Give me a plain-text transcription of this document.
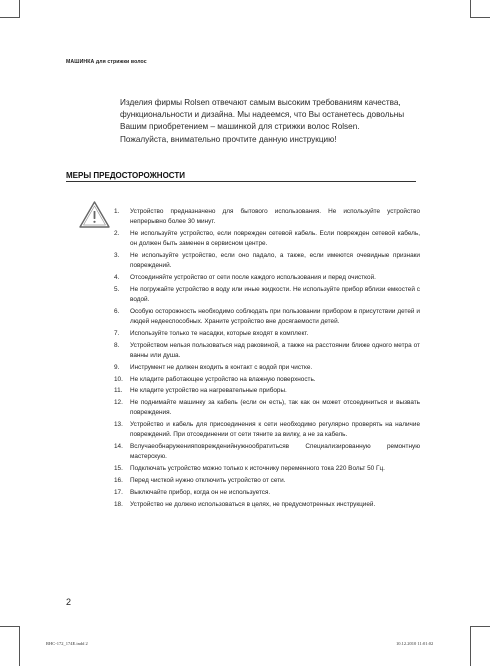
МАШИНКА для стрижки волос

Изделия фирмы Rolsen отвечают самым высоким требованиям качества, функциональности и дизайна. Мы надеемся, что Вы останетесь довольны Вашим приобретением – машинкой для стрижки волос Rolsen.

Пожалуйста, внимательно прочтите данную инструкцию!

МЕРЫ ПРЕДОСТОРОЖНОСТИ
1.	Устройство предназначено для бытового использования. Не используйте устройство непрерывно более 30 минут.
2.	Не используйте устройство, если поврежден сетевой кабель. Если поврежден сетевой кабель, он должен быть заменен в сервисном центре.
3.	Не используйте устройство, если оно падало, а также, если имеются очевидные признаки повреждений.
4.	Отсоединяйте устройство от сети после каждого использования и перед очисткой.
5.	Не погружайте устройство в воду или иные жидкости. Не используйте прибор вблизи емкостей с водой.
6.	Особую осторожность необходимо соблюдать при пользовании прибором в присутствии детей и людей недееспособных. Храните устройство вне досягаемости детей.
7.	Используйте только те насадки, которые входят в комплект.
8.	Устройством нельзя пользоваться над раковиной, а также на расстоянии ближе одного метра от ванны или душа.
9.	Инструмент не должен входить в контакт с водой при чистке.
10.	Не кладите работающее устройство на влажную поверхность.
11.	Не кладите устройство на нагревательные приборы.
12.	Не поднимайте машинку за кабель (если он есть), так как он может отсоединиться и вызвать повреждения.
13.	Устройство и кабель для присоединения к сети необходимо регулярно проверять на наличие повреждений. При отсоединении от сети тяните за вилку, а не за кабель.
14.	Вслучаеобнаруженияповрежденийнужнообратитьсяв Специализированную ремонтную мастерскую.
15.	Подключать устройство можно только к источнику переменного тока 220 Вольт 50 Гц.
16.	Перед чисткой нужно отключить устройство от сети.
17.	Выключайте прибор, когда он не используется.
18.	Устройство не должно использоваться в целях, не предусмотренных инструкцией.
2
RHC-172_174E.indd 2	10.12.2010 11:01:02
